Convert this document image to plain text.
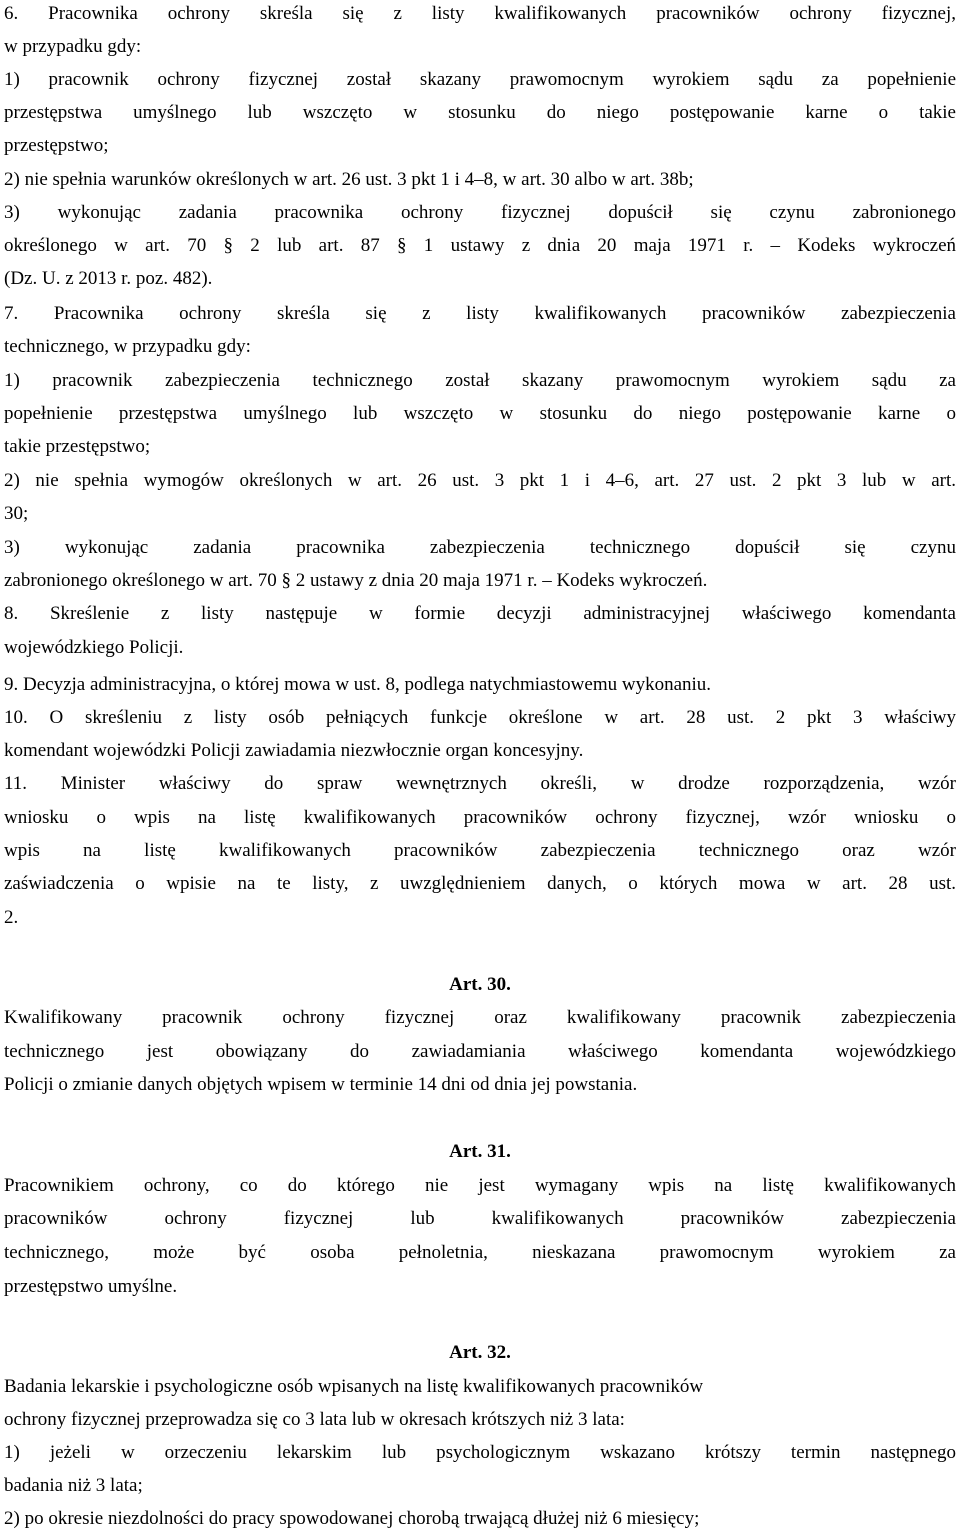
6. Pracownika ochrony skreśla się z listy kwalifikowanych pracowników ochrony fizycznej,
w przypadku gdy:
1) pracownik ochrony fizycznej został skazany prawomocnym wyrokiem sądu za popełnienie
przestępstwa umyślnego lub wszczęto w stosunku do niego postępowanie karne o takie
przestępstwo;
2) nie spełnia warunków określonych w art. 26 ust. 3 pkt 1 i 4–8, w art. 30 albo w art. 38b;
3) wykonując zadania pracownika ochrony fizycznej dopuścił się czynu zabronionego
określonego w art. 70 § 2 lub art. 87 § 1 ustawy z dnia 20 maja 1971 r. – Kodeks wykroczeń
(Dz. U. z 2013 r. poz. 482).
7. Pracownika ochrony skreśla się z listy kwalifikowanych pracowników zabezpieczenia
technicznego, w przypadku gdy:
1) pracownik zabezpieczenia technicznego został skazany prawomocnym wyrokiem sądu za
popełnienie przestępstwa umyślnego lub wszczęto w stosunku do niego postępowanie karne o
takie przestępstwo;
2) nie spełnia wymogów określonych w art. 26 ust. 3 pkt 1 i 4–6, art. 27 ust. 2 pkt 3 lub w art.
30;
3) wykonując zadania pracownika zabezpieczenia technicznego dopuścił się czynu
zabronionego określonego w art. 70 § 2 ustawy z dnia 20 maja 1971 r. – Kodeks wykroczeń.
8. Skreślenie z listy następuje w formie decyzji administracyjnej właściwego komendanta
wojewódzkiego Policji.
9. Decyzja administracyjna, o której mowa w ust. 8, podlega natychmiastowemu wykonaniu.
10. O skreśleniu z listy osób pełniących funkcje określone w art. 28 ust. 2 pkt 3 właściwy
komendant wojewódzki Policji zawiadamia niezwłocznie organ koncesyjny.
11. Minister właściwy do spraw wewnętrznych określi, w drodze rozporządzenia, wzór
wniosku o wpis na listę kwalifikowanych pracowników ochrony fizycznej, wzór wniosku o
wpis na listę kwalifikowanych pracowników zabezpieczenia technicznego oraz wzór
zaświadczenia o wpisie na te listy, z uwzględnieniem danych, o których mowa w art. 28 ust.
2.
Art. 30.
Kwalifikowany pracownik ochrony fizycznej oraz kwalifikowany pracownik zabezpieczenia
technicznego jest obowiązany do zawiadamiania właściwego komendanta wojewódzkiego
Policji o zmianie danych objętych wpisem w terminie 14 dni od dnia jej powstania.
Art. 31.
Pracownikiem ochrony, co do którego nie jest wymagany wpis na listę kwalifikowanych
pracowników ochrony fizycznej lub kwalifikowanych pracowników zabezpieczenia
technicznego, może być osoba pełnoletnia, nieskazana prawomocnym wyrokiem za
przestępstwo umyślne.
Art. 32.
Badania lekarskie i psychologiczne osób wpisanych na listę kwalifikowanych pracowników
ochrony fizycznej przeprowadza się co 3 lata lub w okresach krótszych niż 3 lata:
1) jeżeli w orzeczeniu lekarskim lub psychologicznym wskazano krótszy termin następnego
badania niż 3 lata;
2) po okresie niezdolności do pracy spowodowanej chorobą trwającą dłużej niż 6 miesięcy;
